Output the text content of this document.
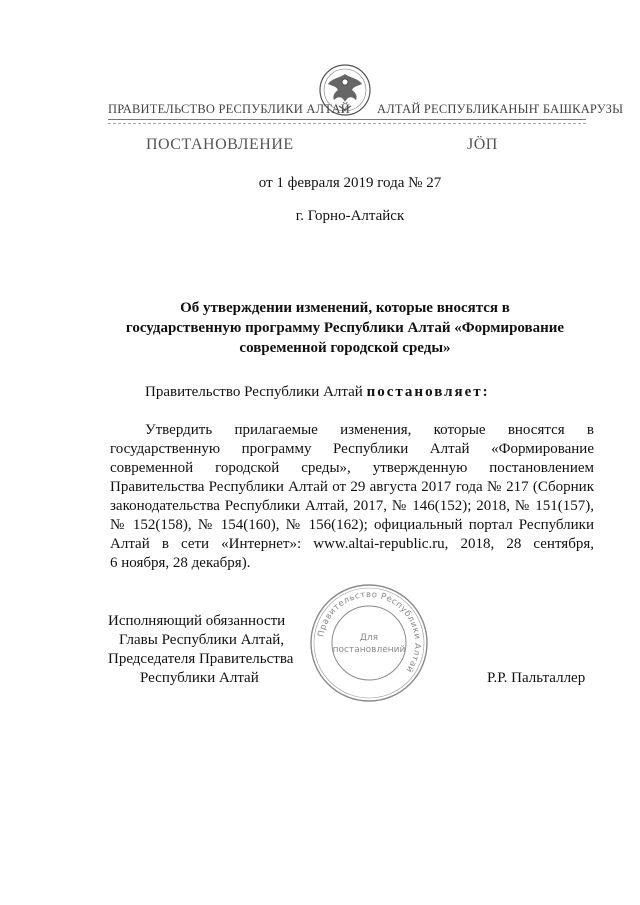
ПРАВИТЕЛЬСТВО РЕСПУБЛИКИ АЛТАЙ АЛТАЙ РЕСПУБЛИКАНЫҤ БАШКАРУЗЫ
ПОСТАНОВЛЕНИЕ	ЈӦП
от 1 февраля 2019 года № 27
г. Горно-Алтайск
Об утверждении изменений, которые вносятся в
государственную программу Республики Алтай «Формирование
современной городской среды»
Правительство Республики Алтай постановляет:
Утвердить прилагаемые изменения, которые вносятся в
государственную программу Республики Алтай «Формирование
современной городской среды», утвержденную постановлением
Правительства Республики Алтай от 29 августа 2017 года № 217 (Сборник
законодательства Республики Алтай, 2017, № 146(152); 2018, № 151(157),
№ 152(158), № 154(160), № 156(162); официальный портал Республики
Алтай в сети «Интернет»: www.altai-republic.ru, 2018, 28 сентября,
6 ноября, 28 декабря).
Правительство Республики Алтай
Для
постановлений
Исполняющий обязанности
Главы Республики Алтай,
Председателя Правительства
Республики Алтай	Р.Р. Пальталлер
